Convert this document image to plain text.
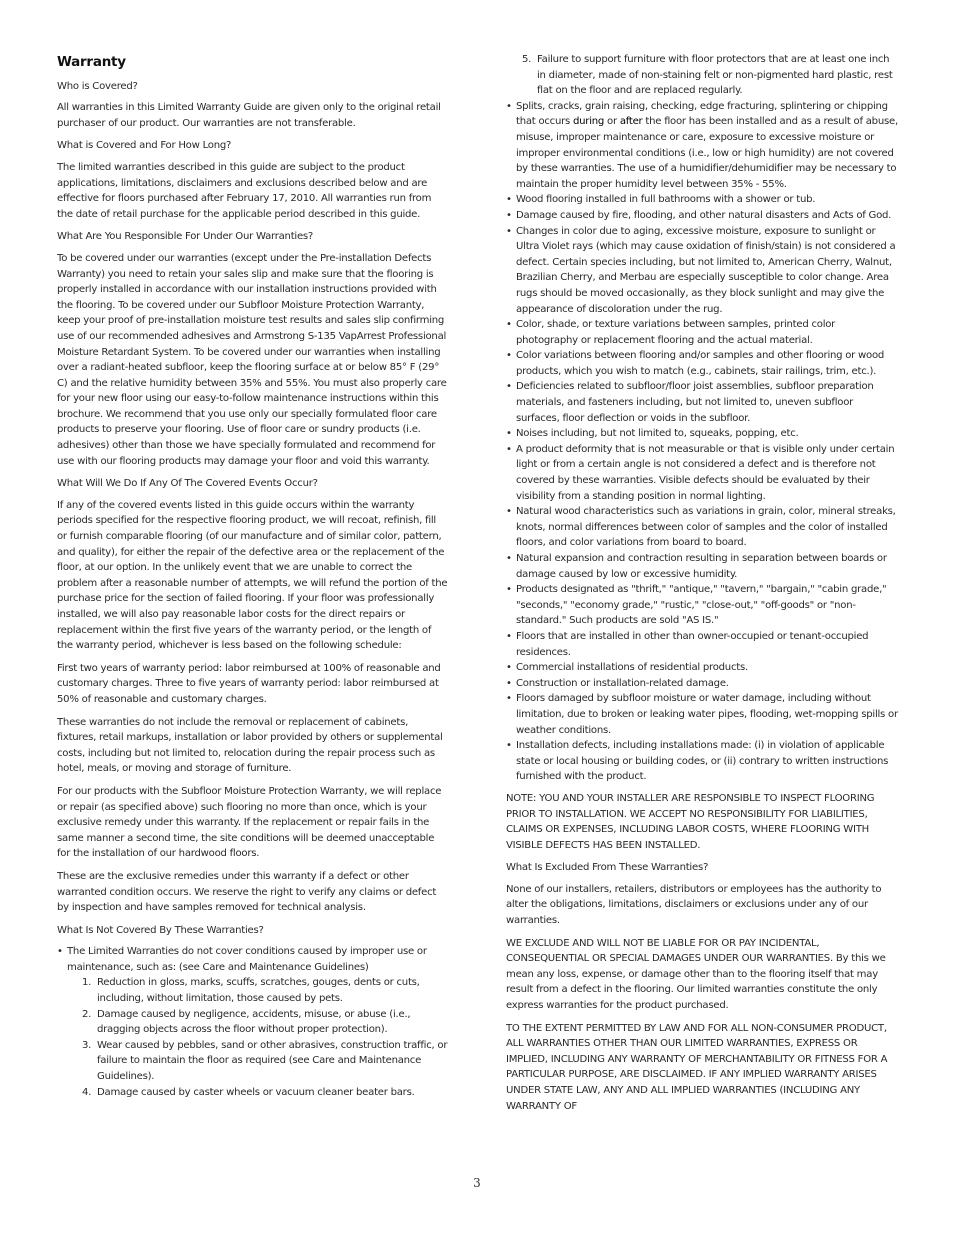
Warranty
Who is Covered?
All warranties in this Limited Warranty Guide are given only to the original retail purchaser of our product. Our warranties are not transferable.
What is Covered and For How Long?
The limited warranties described in this guide are subject to the product applications, limitations, disclaimers and exclusions described below and are effective for floors purchased after February 17, 2010. All warranties run from the date of retail purchase for the applicable period described in this guide.
What Are You Responsible For Under Our Warranties?
To be covered under our warranties (except under the Pre-installation Defects Warranty) you need to retain your sales slip and make sure that the flooring is properly installed in accordance with our installation instructions provided with the flooring. To be covered under our Subfloor Moisture Protection Warranty, keep your proof of pre-installation moisture test results and sales slip confirming use of our recommended adhesives and Armstrong S-135 VapArrest Professional Moisture Retardant System. To be covered under our warranties when installing over a radiant-heated subfloor, keep the flooring surface at or below 85° F (29° C) and the relative humidity between 35% and 55%. You must also properly care for your new floor using our easy-to-follow maintenance instructions within this brochure. We recommend that you use only our specially formulated floor care products to preserve your flooring. Use of floor care or sundry products (i.e. adhesives) other than those we have specially formulated and recommend for use with our flooring products may damage your floor and void this warranty.
What Will We Do If Any Of The Covered Events Occur?
If any of the covered events listed in this guide occurs within the warranty periods specified for the respective flooring product, we will recoat, refinish, fill or furnish comparable flooring (of our manufacture and of similar color, pattern, and quality), for either the repair of the defective area or the replacement of the floor, at our option. In the unlikely event that we are unable to correct the problem after a reasonable number of attempts, we will refund the portion of the purchase price for the section of failed flooring. If your floor was professionally installed, we will also pay reasonable labor costs for the direct repairs or replacement within the first five years of the warranty period, or the length of the warranty period, whichever is less based on the following schedule:
First two years of warranty period: labor reimbursed at 100% of reasonable and customary charges. Three to five years of warranty period: labor reimbursed at 50% of reasonable and customary charges.
These warranties do not include the removal or replacement of cabinets, fixtures, retail markups, installation or labor provided by others or supplemental costs, including but not limited to, relocation during the repair process such as hotel, meals, or moving and storage of furniture.
For our products with the Subfloor Moisture Protection Warranty, we will replace or repair (as specified above) such flooring no more than once, which is your exclusive remedy under this warranty. If the replacement or repair fails in the same manner a second time, the site conditions will be deemed unacceptable for the installation of our hardwood floors.
These are the exclusive remedies under this warranty if a defect or other warranted condition occurs. We reserve the right to verify any claims or defect by inspection and have samples removed for technical analysis.
What Is Not Covered By These Warranties?
• The Limited Warranties do not cover conditions caused by improper use or maintenance, such as: (see Care and Maintenance Guidelines)
1. Reduction in gloss, marks, scuffs, scratches, gouges, dents or cuts, including, without limitation, those caused by pets.
2. Damage caused by negligence, accidents, misuse, or abuse (i.e., dragging objects across the floor without proper protection).
3. Wear caused by pebbles, sand or other abrasives, construction traffic, or failure to maintain the floor as required (see Care and Maintenance Guidelines).
4. Damage caused by caster wheels or vacuum cleaner beater bars.
5. Failure to support furniture with floor protectors that are at least one inch in diameter, made of non-staining felt or non-pigmented hard plastic, rest flat on the floor and are replaced regularly.
• Splits, cracks, grain raising, checking, edge fracturing, splintering or chipping that occurs during or after the floor has been installed and as a result of abuse, misuse, improper maintenance or care, exposure to excessive moisture or improper environmental conditions (i.e., low or high humidity) are not covered by these warranties. The use of a humidifier/dehumidifier may be necessary to maintain the proper humidity level between 35% - 55%.
• Wood flooring installed in full bathrooms with a shower or tub.
• Damage caused by fire, flooding, and other natural disasters and Acts of God.
• Changes in color due to aging, excessive moisture, exposure to sunlight or Ultra Violet rays (which may cause oxidation of finish/stain) is not considered a defect. Certain species including, but not limited to, American Cherry, Walnut, Brazilian Cherry, and Merbau are especially susceptible to color change. Area rugs should be moved occasionally, as they block sunlight and may give the appearance of discoloration under the rug.
• Color, shade, or texture variations between samples, printed color photography or replacement flooring and the actual material.
• Color variations between flooring and/or samples and other flooring or wood products, which you wish to match (e.g., cabinets, stair railings, trim, etc.).
• Deficiencies related to subfloor/floor joist assemblies, subfloor preparation materials, and fasteners including, but not limited to, uneven subfloor surfaces, floor deflection or voids in the subfloor.
• Noises including, but not limited to, squeaks, popping, etc.
• A product deformity that is not measurable or that is visible only under certain light or from a certain angle is not considered a defect and is therefore not covered by these warranties. Visible defects should be evaluated by their visibility from a standing position in normal lighting.
• Natural wood characteristics such as variations in grain, color, mineral streaks, knots, normal differences between color of samples and the color of installed floors, and color variations from board to board.
• Natural expansion and contraction resulting in separation between boards or damage caused by low or excessive humidity.
• Products designated as "thrift," "antique," "tavern," "bargain," "cabin grade," "seconds," "economy grade," "rustic," "close-out," "off-goods" or "non-standard." Such products are sold "AS IS."
• Floors that are installed in other than owner-occupied or tenant-occupied residences.
• Commercial installations of residential products.
• Construction or installation-related damage.
• Floors damaged by subfloor moisture or water damage, including without limitation, due to broken or leaking water pipes, flooding, wet-mopping spills or weather conditions.
• Installation defects, including installations made: (i) in violation of applicable state or local housing or building codes, or (ii) contrary to written instructions furnished with the product.
NOTE: YOU AND YOUR INSTALLER ARE RESPONSIBLE TO INSPECT FLOORING PRIOR TO INSTALLATION. WE ACCEPT NO RESPONSIBILITY FOR LIABILITIES, CLAIMS OR EXPENSES, INCLUDING LABOR COSTS, WHERE FLOORING WITH VISIBLE DEFECTS HAS BEEN INSTALLED.
What Is Excluded From These Warranties?
None of our installers, retailers, distributors or employees has the authority to alter the obligations, limitations, disclaimers or exclusions under any of our warranties.
WE EXCLUDE AND WILL NOT BE LIABLE FOR OR PAY INCIDENTAL, CONSEQUENTIAL OR SPECIAL DAMAGES UNDER OUR WARRANTIES. By this we mean any loss, expense, or damage other than to the flooring itself that may result from a defect in the flooring. Our limited warranties constitute the only express warranties for the product purchased.
TO THE EXTENT PERMITTED BY LAW AND FOR ALL NON-CONSUMER PRODUCT, ALL WARRANTIES OTHER THAN OUR LIMITED WARRANTIES, EXPRESS OR IMPLIED, INCLUDING ANY WARRANTY OF MERCHANTABILITY OR FITNESS FOR A PARTICULAR PURPOSE, ARE DISCLAIMED. IF ANY IMPLIED WARRANTY ARISES UNDER STATE LAW, ANY AND ALL IMPLIED WARRANTIES (INCLUDING ANY WARRANTY OF
3
